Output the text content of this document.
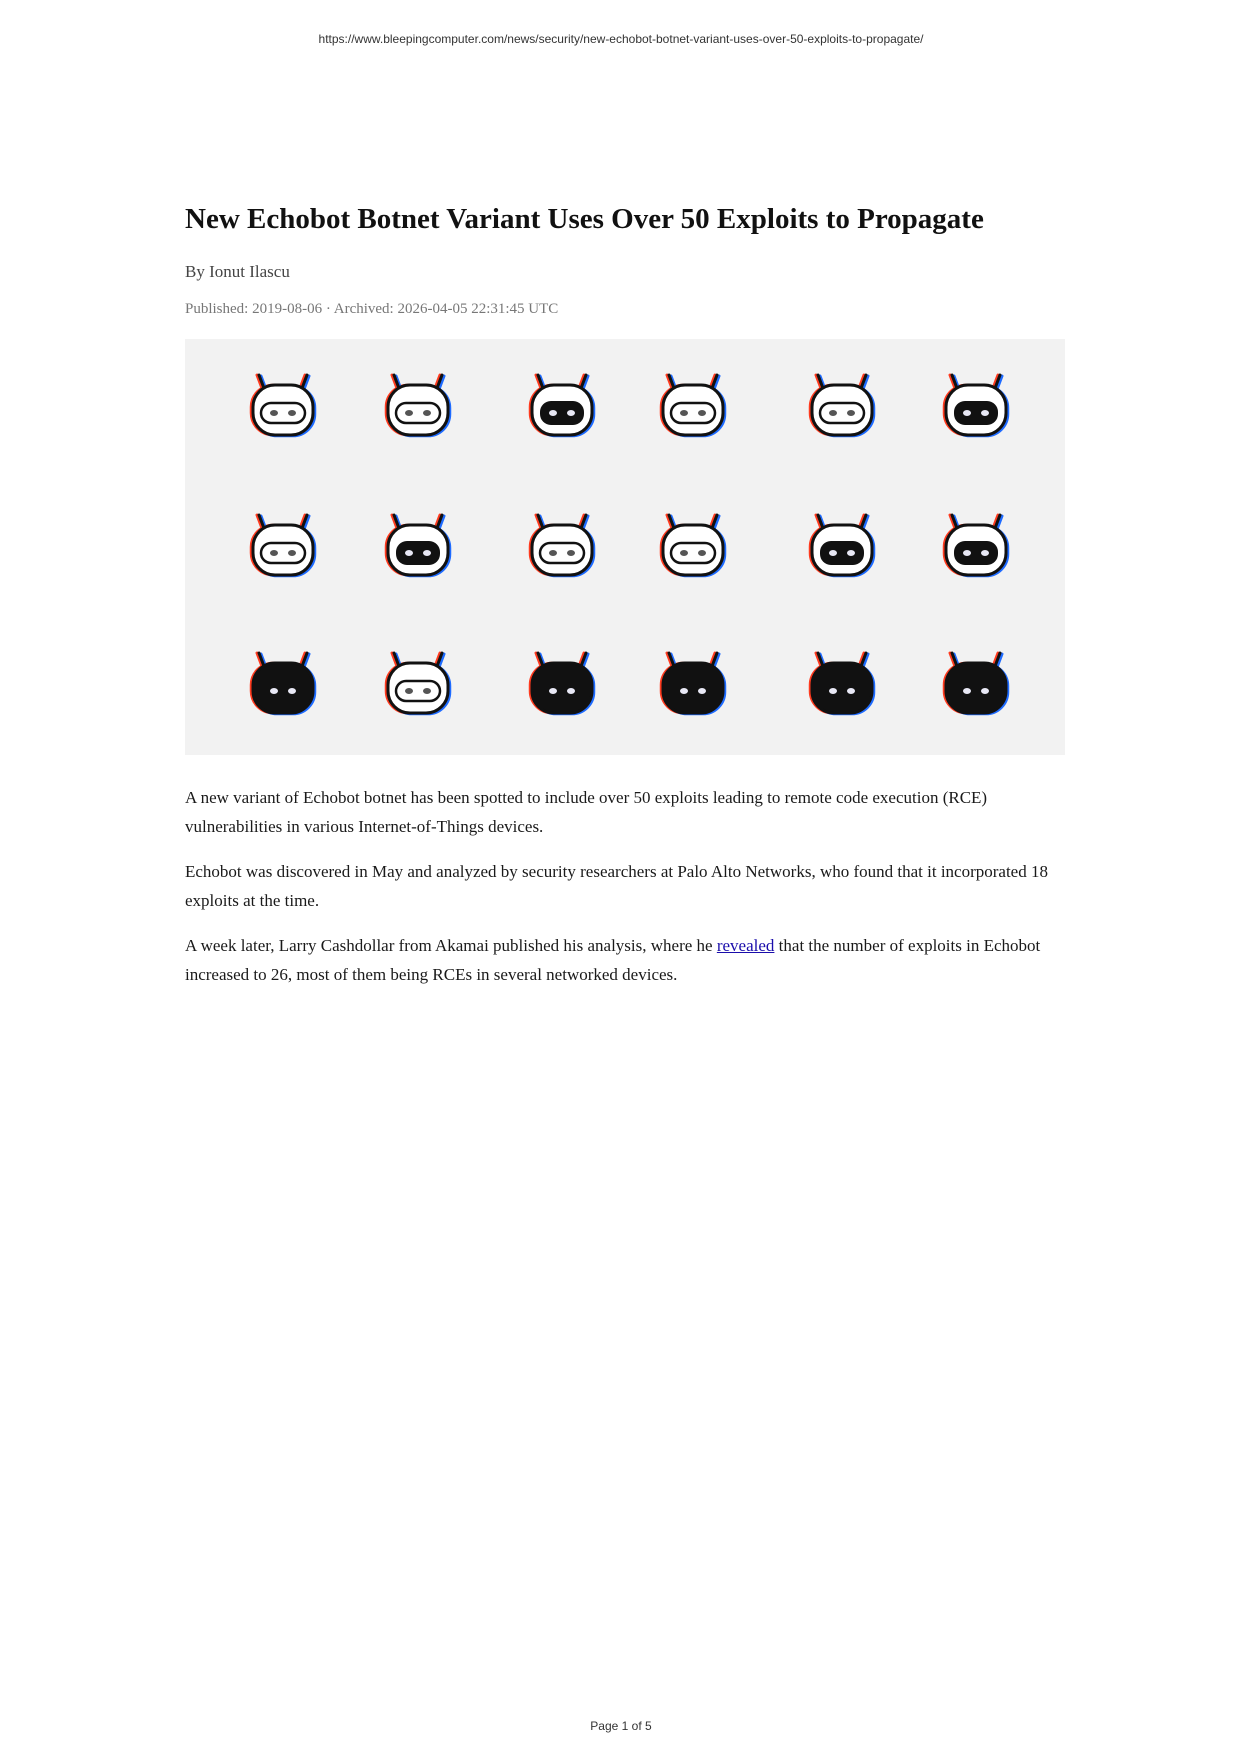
https://www.bleepingcomputer.com/news/security/new-echobot-botnet-variant-uses-over-50-exploits-to-propagate/
New Echobot Botnet Variant Uses Over 50 Exploits to Propagate
By Ionut Ilascu
Published: 2019-08-06 · Archived: 2026-04-05 22:31:45 UTC

A new variant of Echobot botnet has been spotted to include over 50 exploits leading to remote code execution (RCE) vulnerabilities in various Internet-of-Things devices.

Echobot was discovered in May and analyzed by security researchers at Palo Alto Networks, who found that it incorporated 18 exploits at the time.

A week later, Larry Cashdollar from Akamai published his analysis, where he revealed that the number of exploits in Echobot increased to 26, most of them being RCEs in several networked devices.

Page 1 of 5
